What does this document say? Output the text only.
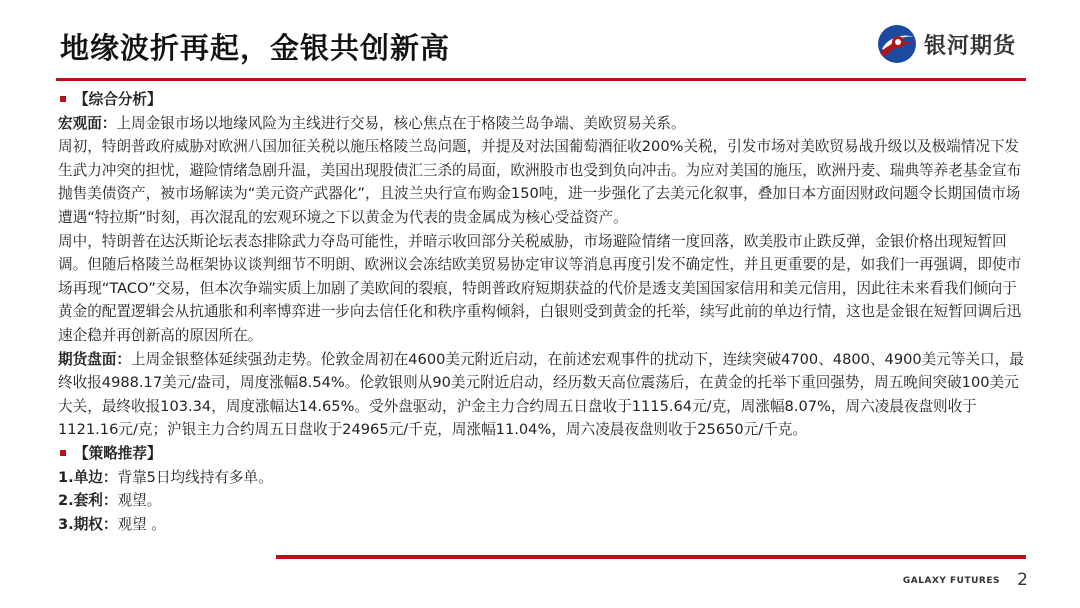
地缘波折再起，金银共创新高	银河期货

【综合分析】

宏观面：上周金银市场以地缘风险为主线进行交易，核心焦点在于格陵兰岛争端、美欧贸易关系。

周初，特朗普政府威胁对欧洲八国加征关税以施压格陵兰岛问题，并提及对法国葡萄酒征收200%关税，引发市场对美欧贸易战升级以及极端情况下发生武力冲突的担忧，避险情绪急剧升温，美国出现股债汇三杀的局面，欧洲股市也受到负向冲击。为应对美国的施压，欧洲丹麦、瑞典等养老基金宣布抛售美债资产，被市场解读为“美元资产武器化”，且波兰央行宣布购金150吨，进一步强化了去美元化叙事，叠加日本方面因财政问题令长期国债市场遭遇“特拉斯”时刻，再次混乱的宏观环境之下以黄金为代表的贵金属成为核心受益资产。

周中，特朗普在达沃斯论坛表态排除武力夺岛可能性，并暗示收回部分关税威胁，市场避险情绪一度回落，欧美股市止跌反弹，金银价格出现短暂回调。但随后格陵兰岛框架协议谈判细节不明朗、欧洲议会冻结欧美贸易协定审议等消息再度引发不确定性，并且更重要的是，如我们一再强调，即使市场再现“TACO”交易，但本次争端实质上加剧了美欧间的裂痕，特朗普政府短期获益的代价是透支美国国家信用和美元信用，因此往未来看我们倾向于黄金的配置逻辑会从抗通胀和利率博弈进一步向去信任化和秩序重构倾斜，白银则受到黄金的托举，续写此前的单边行情，这也是金银在短暂回调后迅速企稳并再创新高的原因所在。

期货盘面：上周金银整体延续强劲走势。伦敦金周初在4600美元附近启动，在前述宏观事件的扰动下，连续突破4700、4800、4900美元等关口，最终收报4988.17美元/盎司，周度涨幅8.54%。伦敦银则从90美元附近启动，经历数天高位震荡后，在黄金的托举下重回强势，周五晚间突破100美元大关，最终收报103.34，周度涨幅达14.65%。受外盘驱动，沪金主力合约周五日盘收于1115.64元/克，周涨幅8.07%，周六凌晨夜盘则收于1121.16元/克；沪银主力合约周五日盘收于24965元/千克，周涨幅11.04%，周六凌晨夜盘则收于25650元/千克。

【策略推荐】

1.单边：背靠5日均线持有多单。

2.套利：观望。

3.期权：观望 。

GALAXY FUTURES 2
